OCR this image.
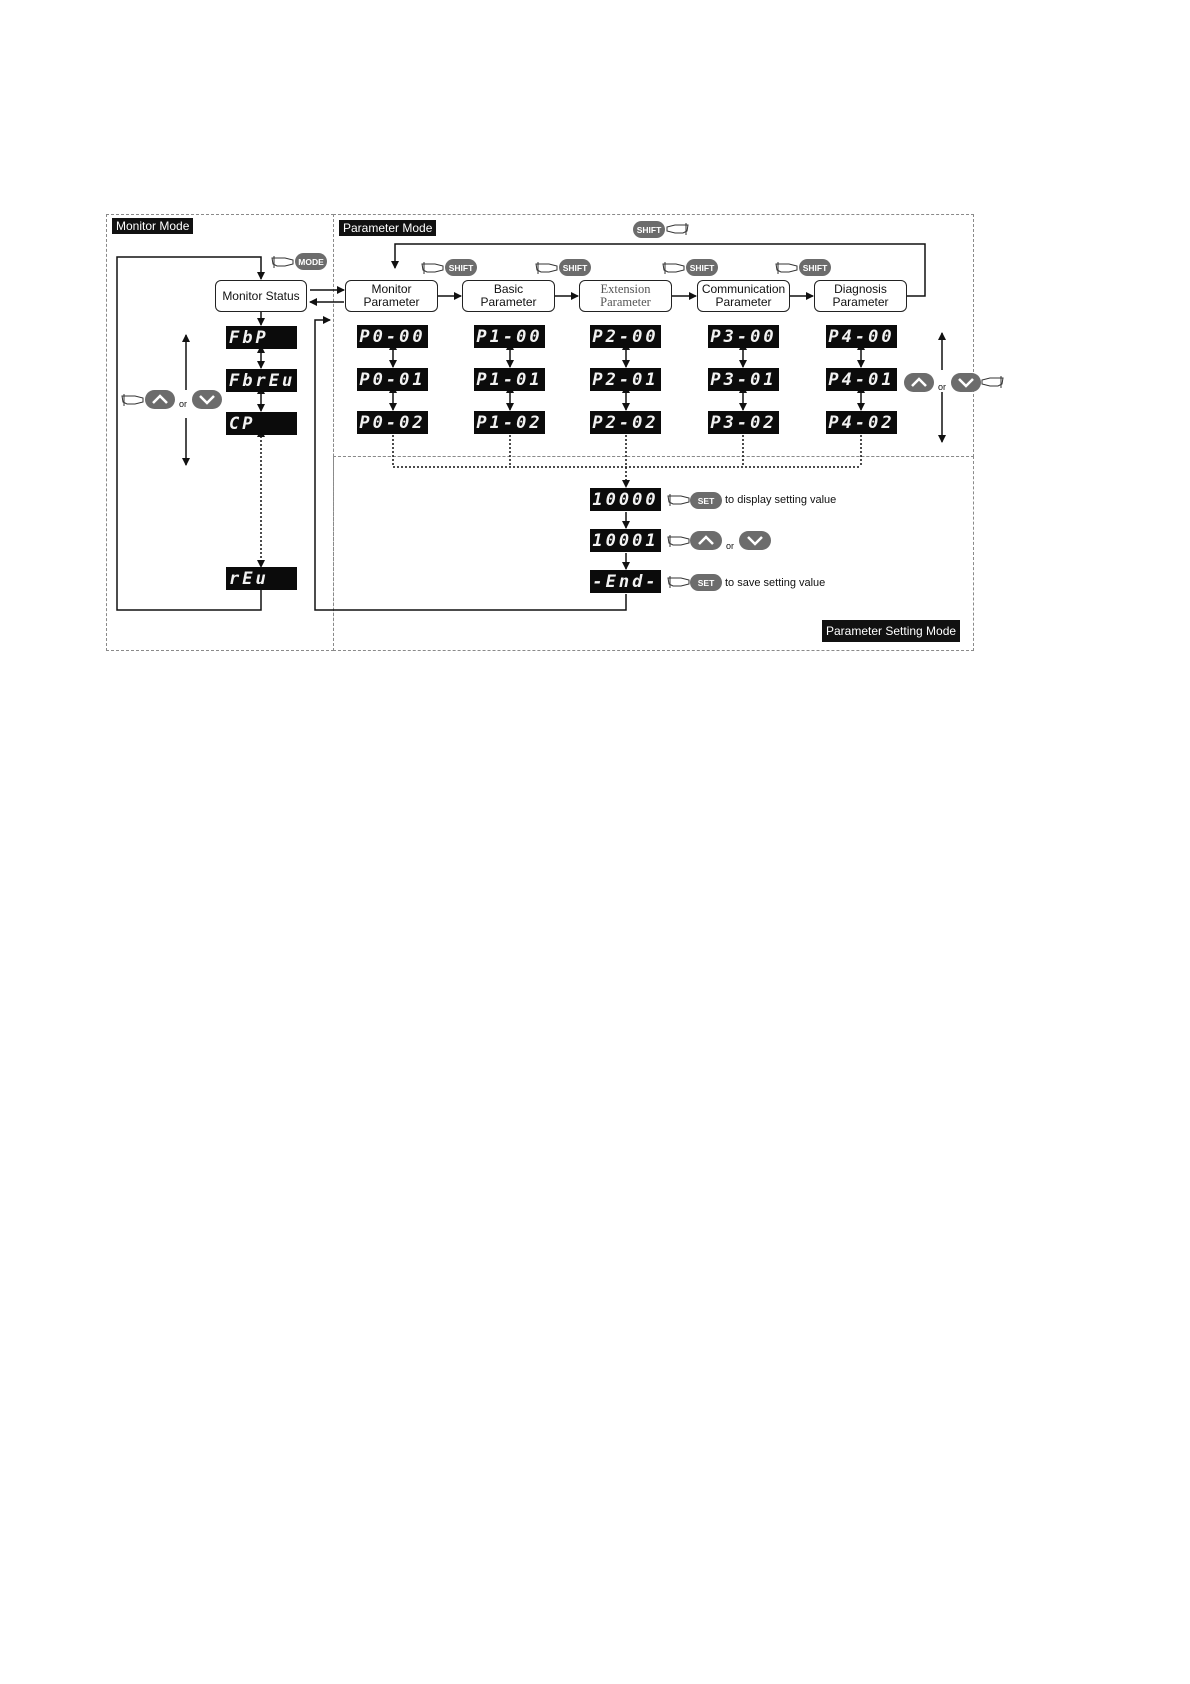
Monitor Mode	Parameter Mode
Parameter Setting Mode
Monitor Status
FbP
FbrEu
CP
rEu
MODE
or
SHIFT
SHIFT	SHIFT	SHIFT	SHIFT
Monitor
Parameter
Basic
Parameter
Extension
Parameter
Communication
Parameter
Diagnosis
Parameter
P0-00
P0-01
P0-02
P1-00
P1-01
P1-02
P2-00
P2-01
P2-02
P3-00
P3-01
P3-02
P4-00
P4-01
P4-02
or
10000
10001
-End-
SET to display setting value
or
SET to save setting value
